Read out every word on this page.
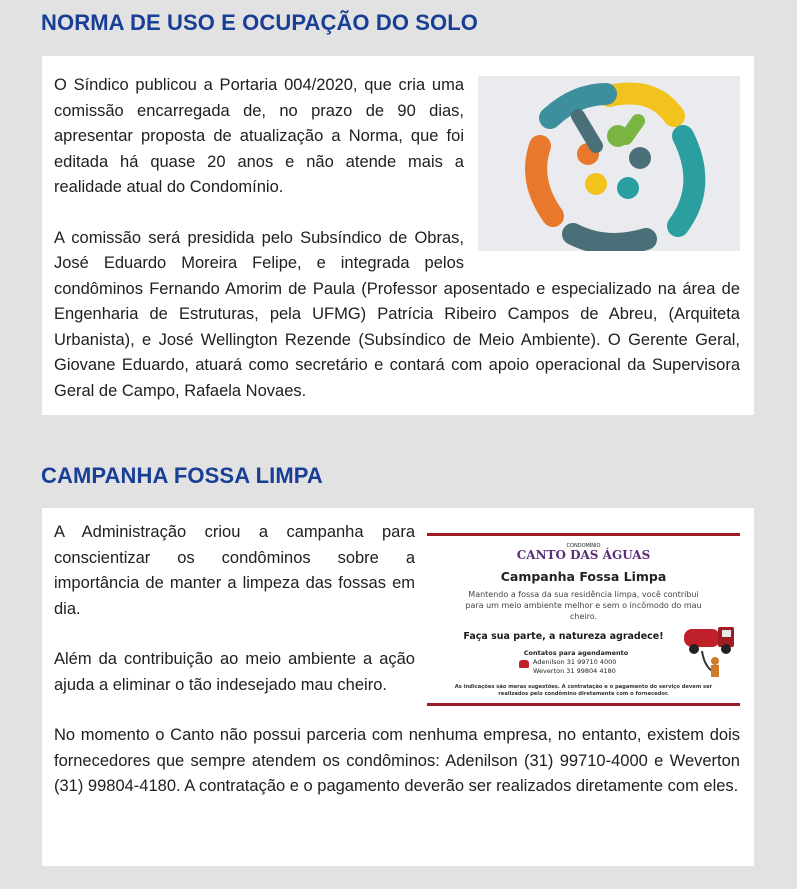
NORMA DE USO E OCUPAÇÃO DO SOLO

O Síndico publicou a Portaria 004/2020, que cria uma comissão encarregada de, no prazo de 90 dias, apresentar proposta de atualização a Norma, que foi editada há quase 20 anos e não atende mais a realidade atual do Condomínio.

A comissão será presidida pelo Subsíndico de Obras, José Eduardo Moreira Felipe, e integrada pelos condôminos Fernando Amorim de Paula (Professor aposentado e especializado na área de Engenharia de Estruturas, pela UFMG) Patrícia Ribeiro Campos de Abreu, (Arquiteta Urbanista), e José Wellington Rezende (Subsíndico de Meio Ambiente). O Gerente Geral, Giovane Eduardo, atuará como secretário e contará com apoio operacional da Supervisora Geral de Campo, Rafaela Novaes.

CAMPANHA FOSSA LIMPA
CONDOMÍNIO
CANTO DAS ÁGUAS
Campanha Fossa Limpa
Mantendo a fossa da sua residência limpa, você contribui para um meio ambiente melhor e sem o incômodo do mau cheiro.
Faça sua parte, a natureza agradece!
Contatos para agendamento
Adenilson 31 99710 4000
Weverton 31 99804 4180
As indicações são meras sugestões. A contratação e o pagamento do serviço devem ser realizados pelo condômino diretamente com o fornecedor.

A Administração criou a campanha para conscientizar os condôminos sobre a importância de manter a limpeza das fossas em dia.

Além da contribuição ao meio ambiente a ação ajuda a eliminar o tão indesejado mau cheiro.

No momento o Canto não possui parceria com nenhuma empresa, no entanto, existem dois fornecedores que sempre atendem os condôminos: Adenilson (31) 99710-4000 e Weverton (31) 99804-4180. A contratação e o pagamento deverão ser realizados diretamente com eles.
